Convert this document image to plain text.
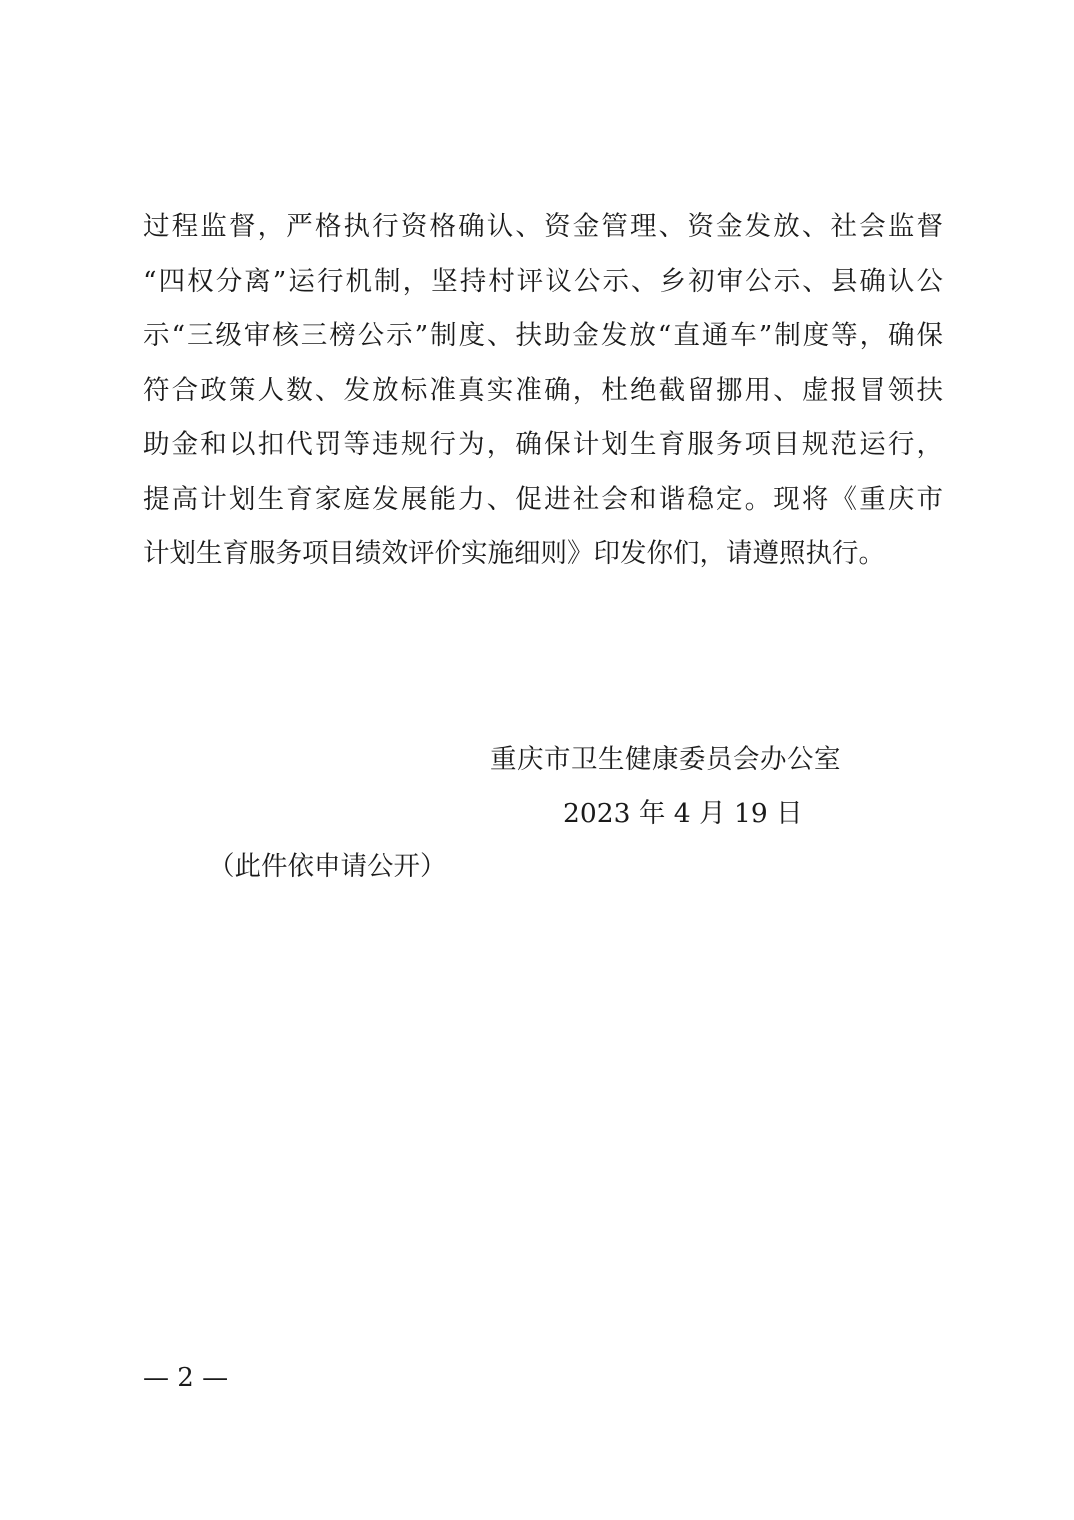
过程监督，严格执行资格确认、资金管理、资金发放、社会监督
“四权分离”运行机制，坚持村评议公示、乡初审公示、县确认公
示“三级审核三榜公示”制度、扶助金发放“直通车”制度等，确保
符合政策人数、发放标准真实准确，杜绝截留挪用、虚报冒领扶
助金和以扣代罚等违规行为，确保计划生育服务项目规范运行，
提高计划生育家庭发展能力、促进社会和谐稳定。现将《重庆市
计划生育服务项目绩效评价实施细则》印发你们，请遵照执行。
重庆市卫生健康委员会办公室
2023 年 4 月 19 日
（此件依申请公开）
— 2 —
